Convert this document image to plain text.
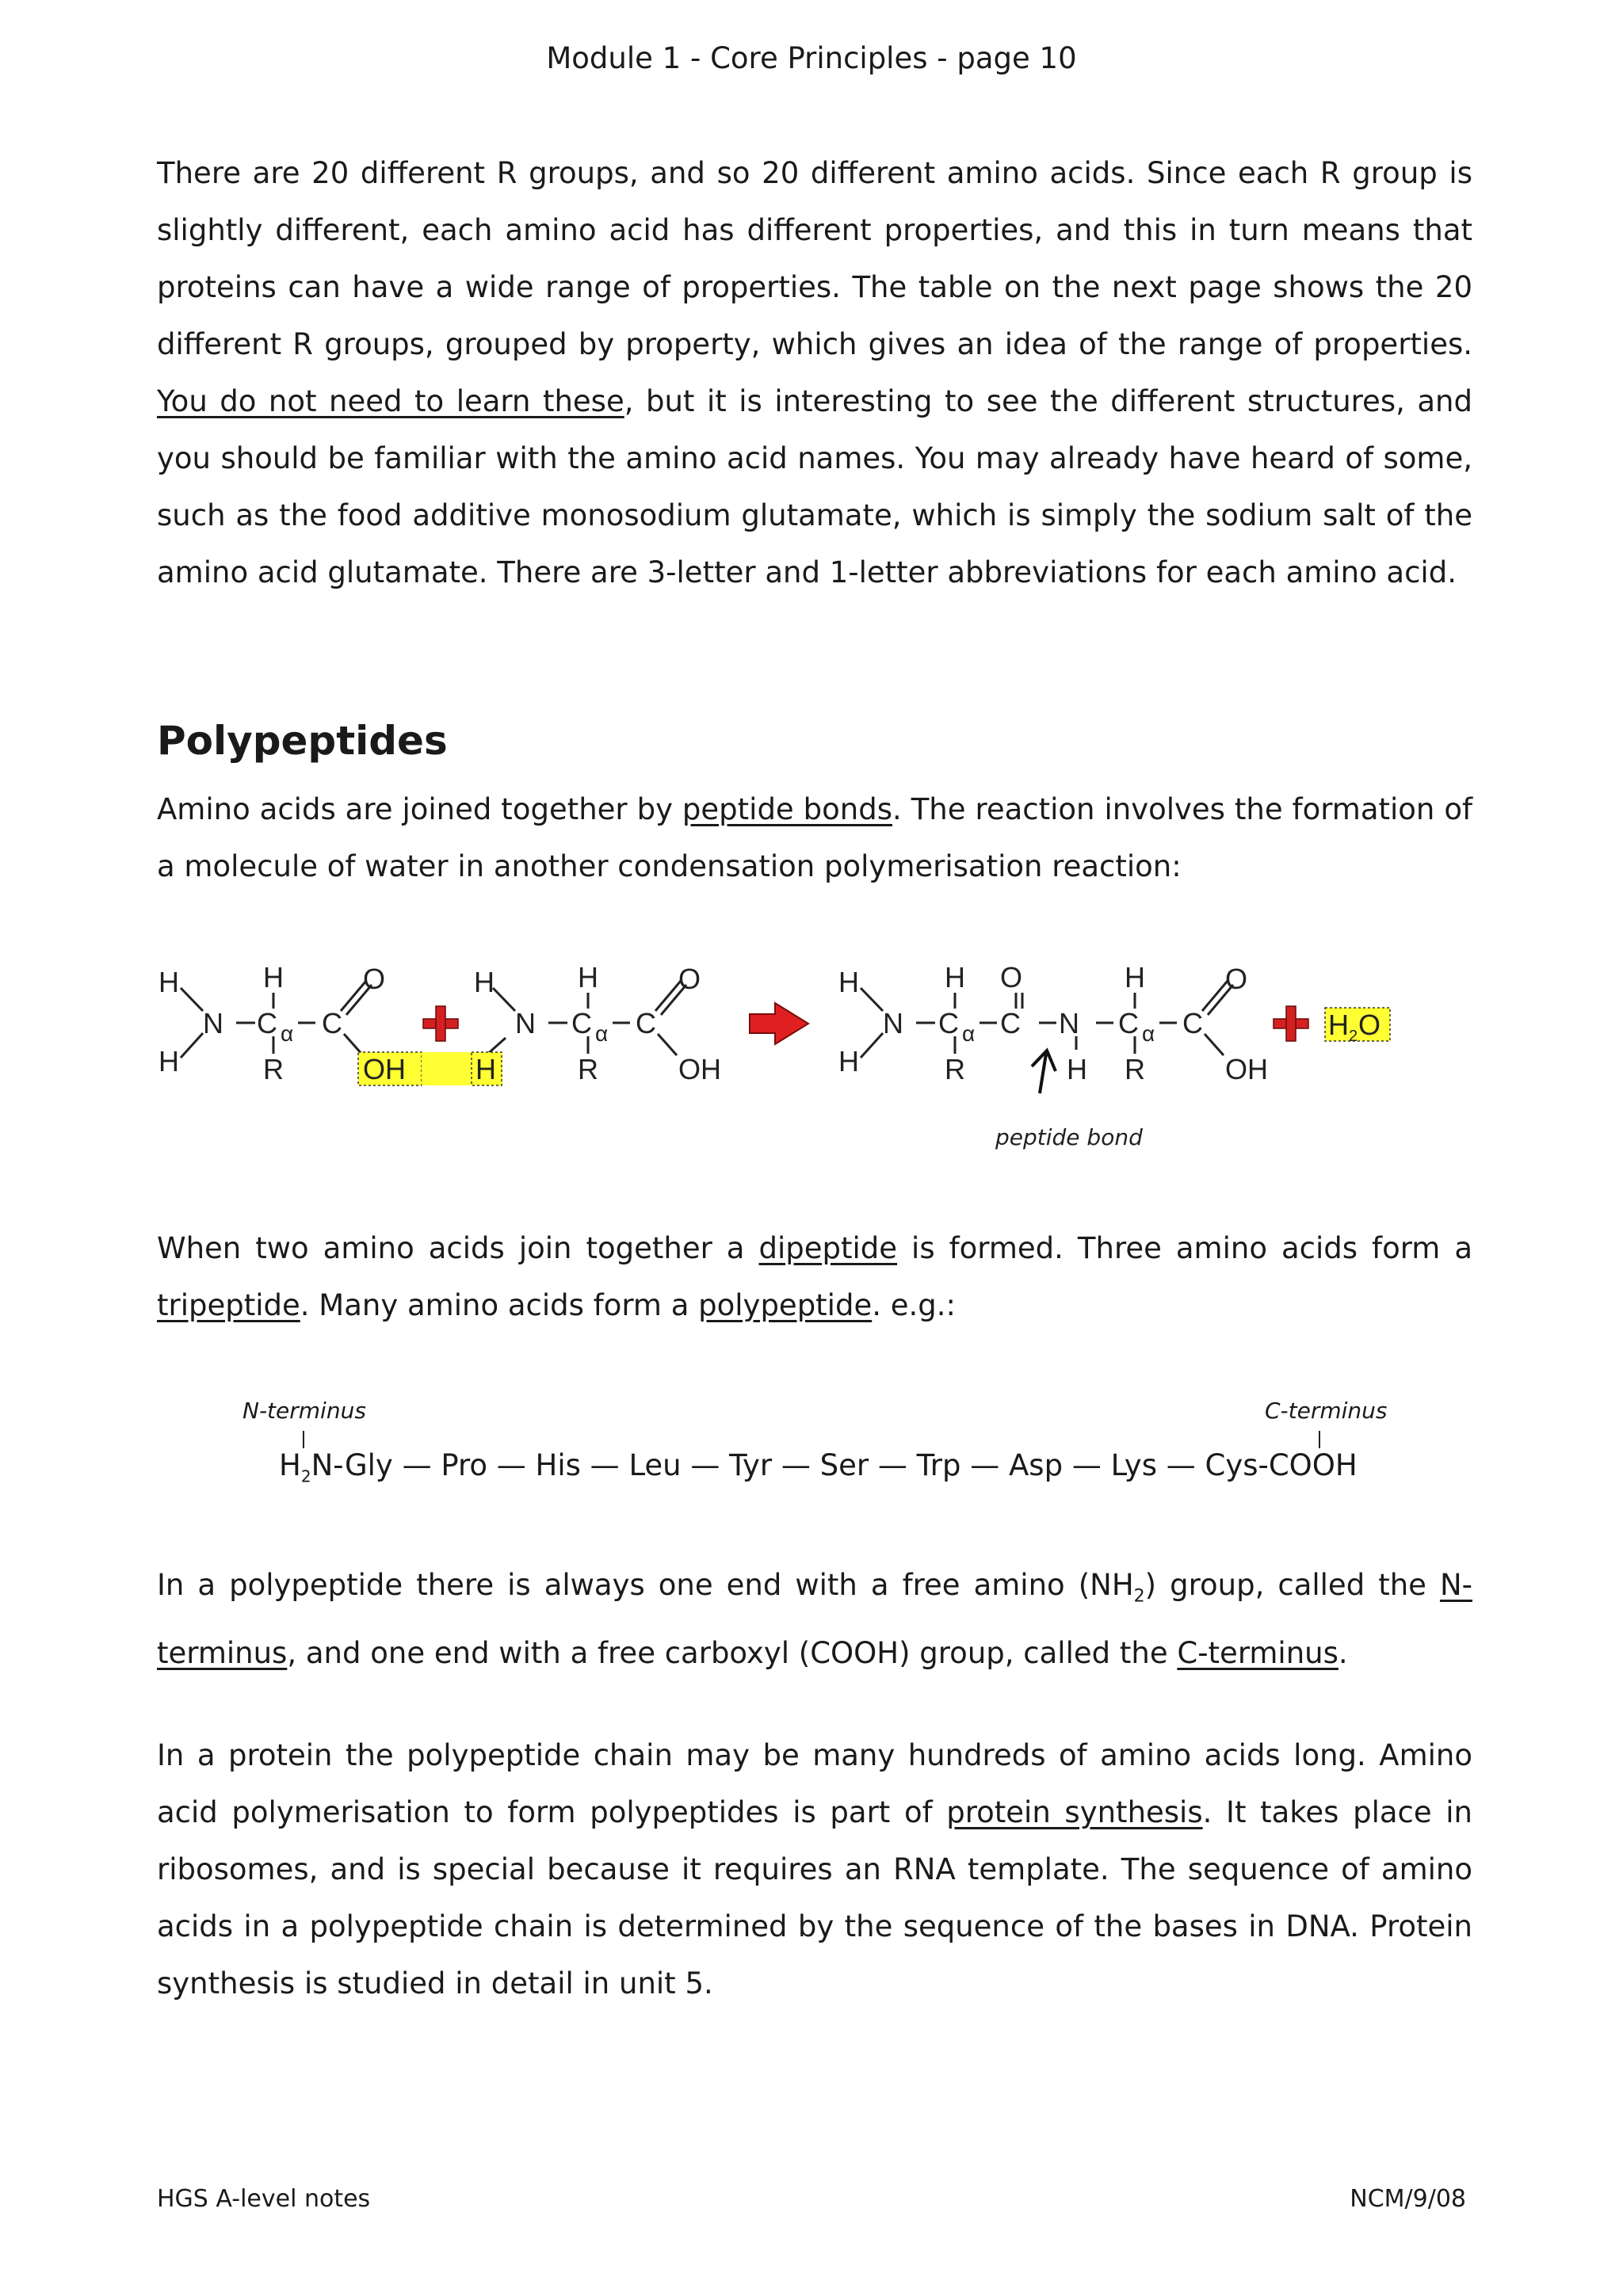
Module 1 - Core Principles - page 10

There are 20 different R groups, and so 20 different amino acids. Since each R group is slightly different, each amino acid has different properties, and this in turn means that proteins can have a wide range of properties. The table on the next page shows the 20 different R groups, grouped by property, which gives an idea of the range of properties. You do not need to learn these, but it is interesting to see the different structures, and you should be familiar with the amino acid names. You may already have heard of some, such as the food additive monosodium glutamate, which is simply the sodium salt of the amino acid glutamate. There are 3-letter and 1-letter abbreviations for each amino acid.

Polypeptides

Amino acids are joined together by peptide bonds. The reaction involves the formation of a molecule of water in another condensation polymerisation reaction:

H
H
N
H
C α
R
C
O
OH
H
H
N
H
C α
R
C
O
OH
H
H
N
H
C α
R
O
C N
H
H
C α
R
C
O
OH
H 2 O
peptide bond

When two amino acids join together a dipeptide is formed. Three amino acids form a tripeptide. Many amino acids form a polypeptide. e.g.:

N-terminus	C-terminus
$H_2N$-Gly — Pro — His — Leu — Tyr — Ser — Trp — Asp — Lys — Cys-COOH

In a polypeptide there is always one end with a free amino $(NH_2)$ group, called the N-terminus, and one end with a free carboxyl (COOH) group, called the C-terminus.

In a protein the polypeptide chain may be many hundreds of amino acids long. Amino acid polymerisation to form polypeptides is part of protein synthesis. It takes place in ribosomes, and is special because it requires an RNA template. The sequence of amino acids in a polypeptide chain is determined by the sequence of the bases in DNA. Protein synthesis is studied in detail in unit 5.

HGS A-level notes	NCM/9/08
